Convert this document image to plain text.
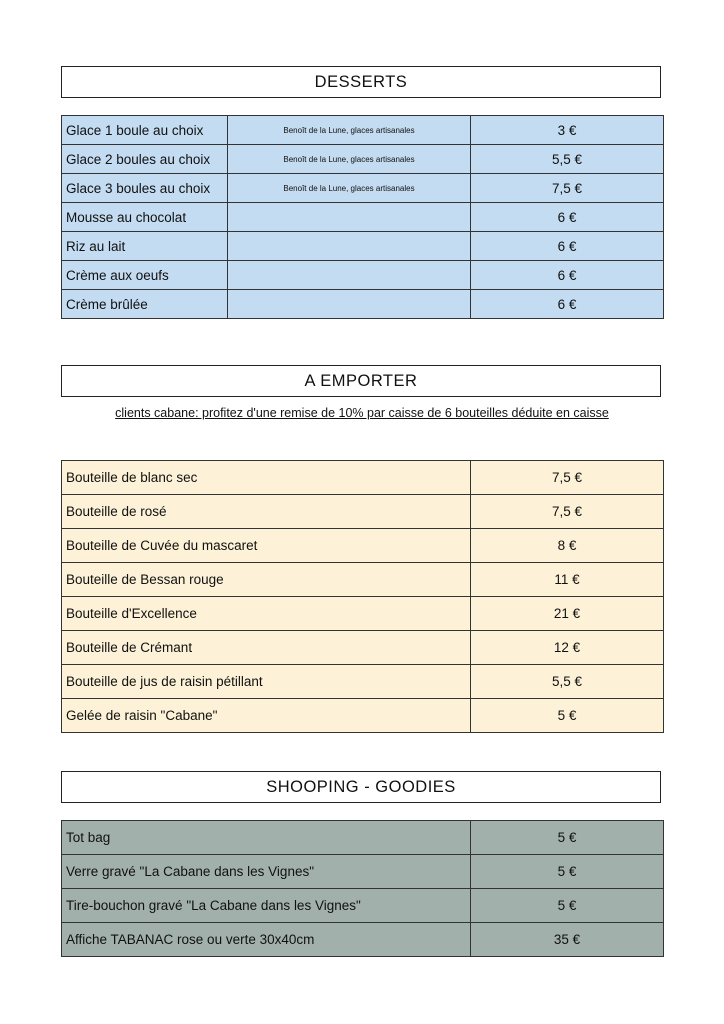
DESSERTS
Glace 1 boule au choix	Benoît de la Lune, glaces artisanales	3 €
Glace 2 boules au choix	Benoît de la Lune, glaces artisanales	5,5 €
Glace 3 boules au choix	Benoît de la Lune, glaces artisanales	7,5 €
Mousse au chocolat		6 €
Riz au lait		6 €
Crème aux oeufs		6 €
Crème brûlée		6 €
A EMPORTER
clients cabane: profitez d'une remise de 10% par caisse de 6 bouteilles déduite en caisse
Bouteille de blanc sec	7,5 €
Bouteille de rosé	7,5 €
Bouteille de Cuvée du mascaret	8 €
Bouteille de Bessan rouge	11 €
Bouteille d'Excellence	21 €
Bouteille de Crémant	12 €
Bouteille de jus de raisin pétillant	5,5 €
Gelée de raisin "Cabane"	5 €
SHOOPING - GOODIES
Tot bag	5 €
Verre gravé "La Cabane dans les Vignes"	5 €
Tire-bouchon gravé "La Cabane dans les Vignes"	5 €
Affiche TABANAC rose ou verte 30x40cm	35 €
